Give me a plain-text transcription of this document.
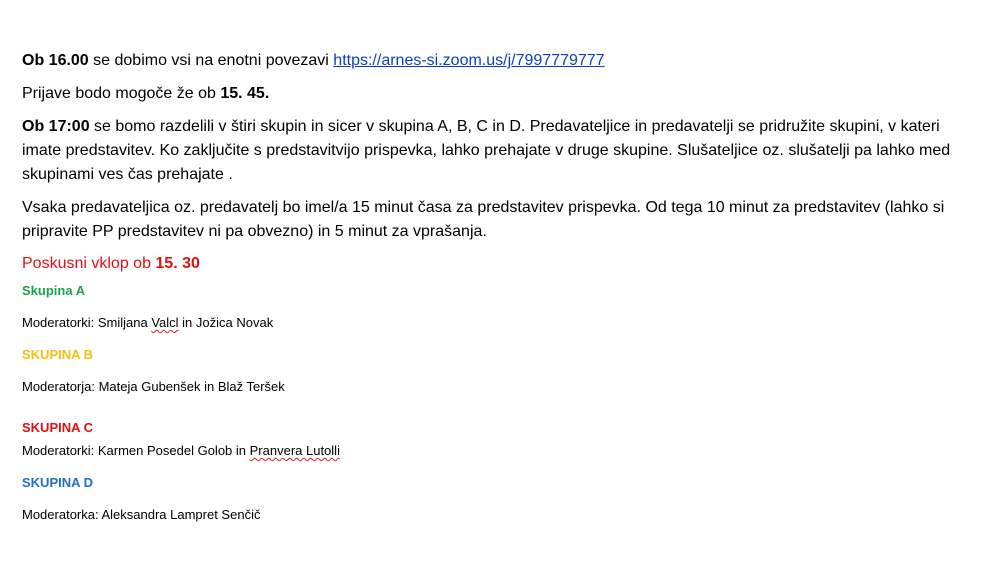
Ob 16.00 se dobimo vsi na enotni povezavi https://arnes-si.zoom.us/j/7997779777

Prijave bodo mogoče že ob 15. 45.

Ob 17:00 se bomo razdelili v štiri skupin in sicer v skupina A, B, C in D. Predavateljice in predavatelji se pridružite skupini, v kateri imate predstavitev. Ko zaključite s predstavitvijo prispevka, lahko prehajate v druge skupine. Slušateljice oz. slušatelji pa lahko med skupinami ves čas prehajate .

Vsaka predavateljica oz. predavatelj bo imel/a 15 minut časa za predstavitev prispevka. Od tega 10 minut za predstavitev (lahko si pripravite PP predstavitev ni pa obvezno) in 5 minut za vprašanja.

Poskusni vklop ob 15. 30

Skupina A

Moderatorki: Smiljana Valcl in Jožica Novak

SKUPINA B

Moderatorja: Mateja Gubenšek in Blaž Teršek

SKUPINA C

Moderatorki: Karmen Posedel Golob in Pranvera Lutolli

SKUPINA D

Moderatorka: Aleksandra Lampret Senčič
